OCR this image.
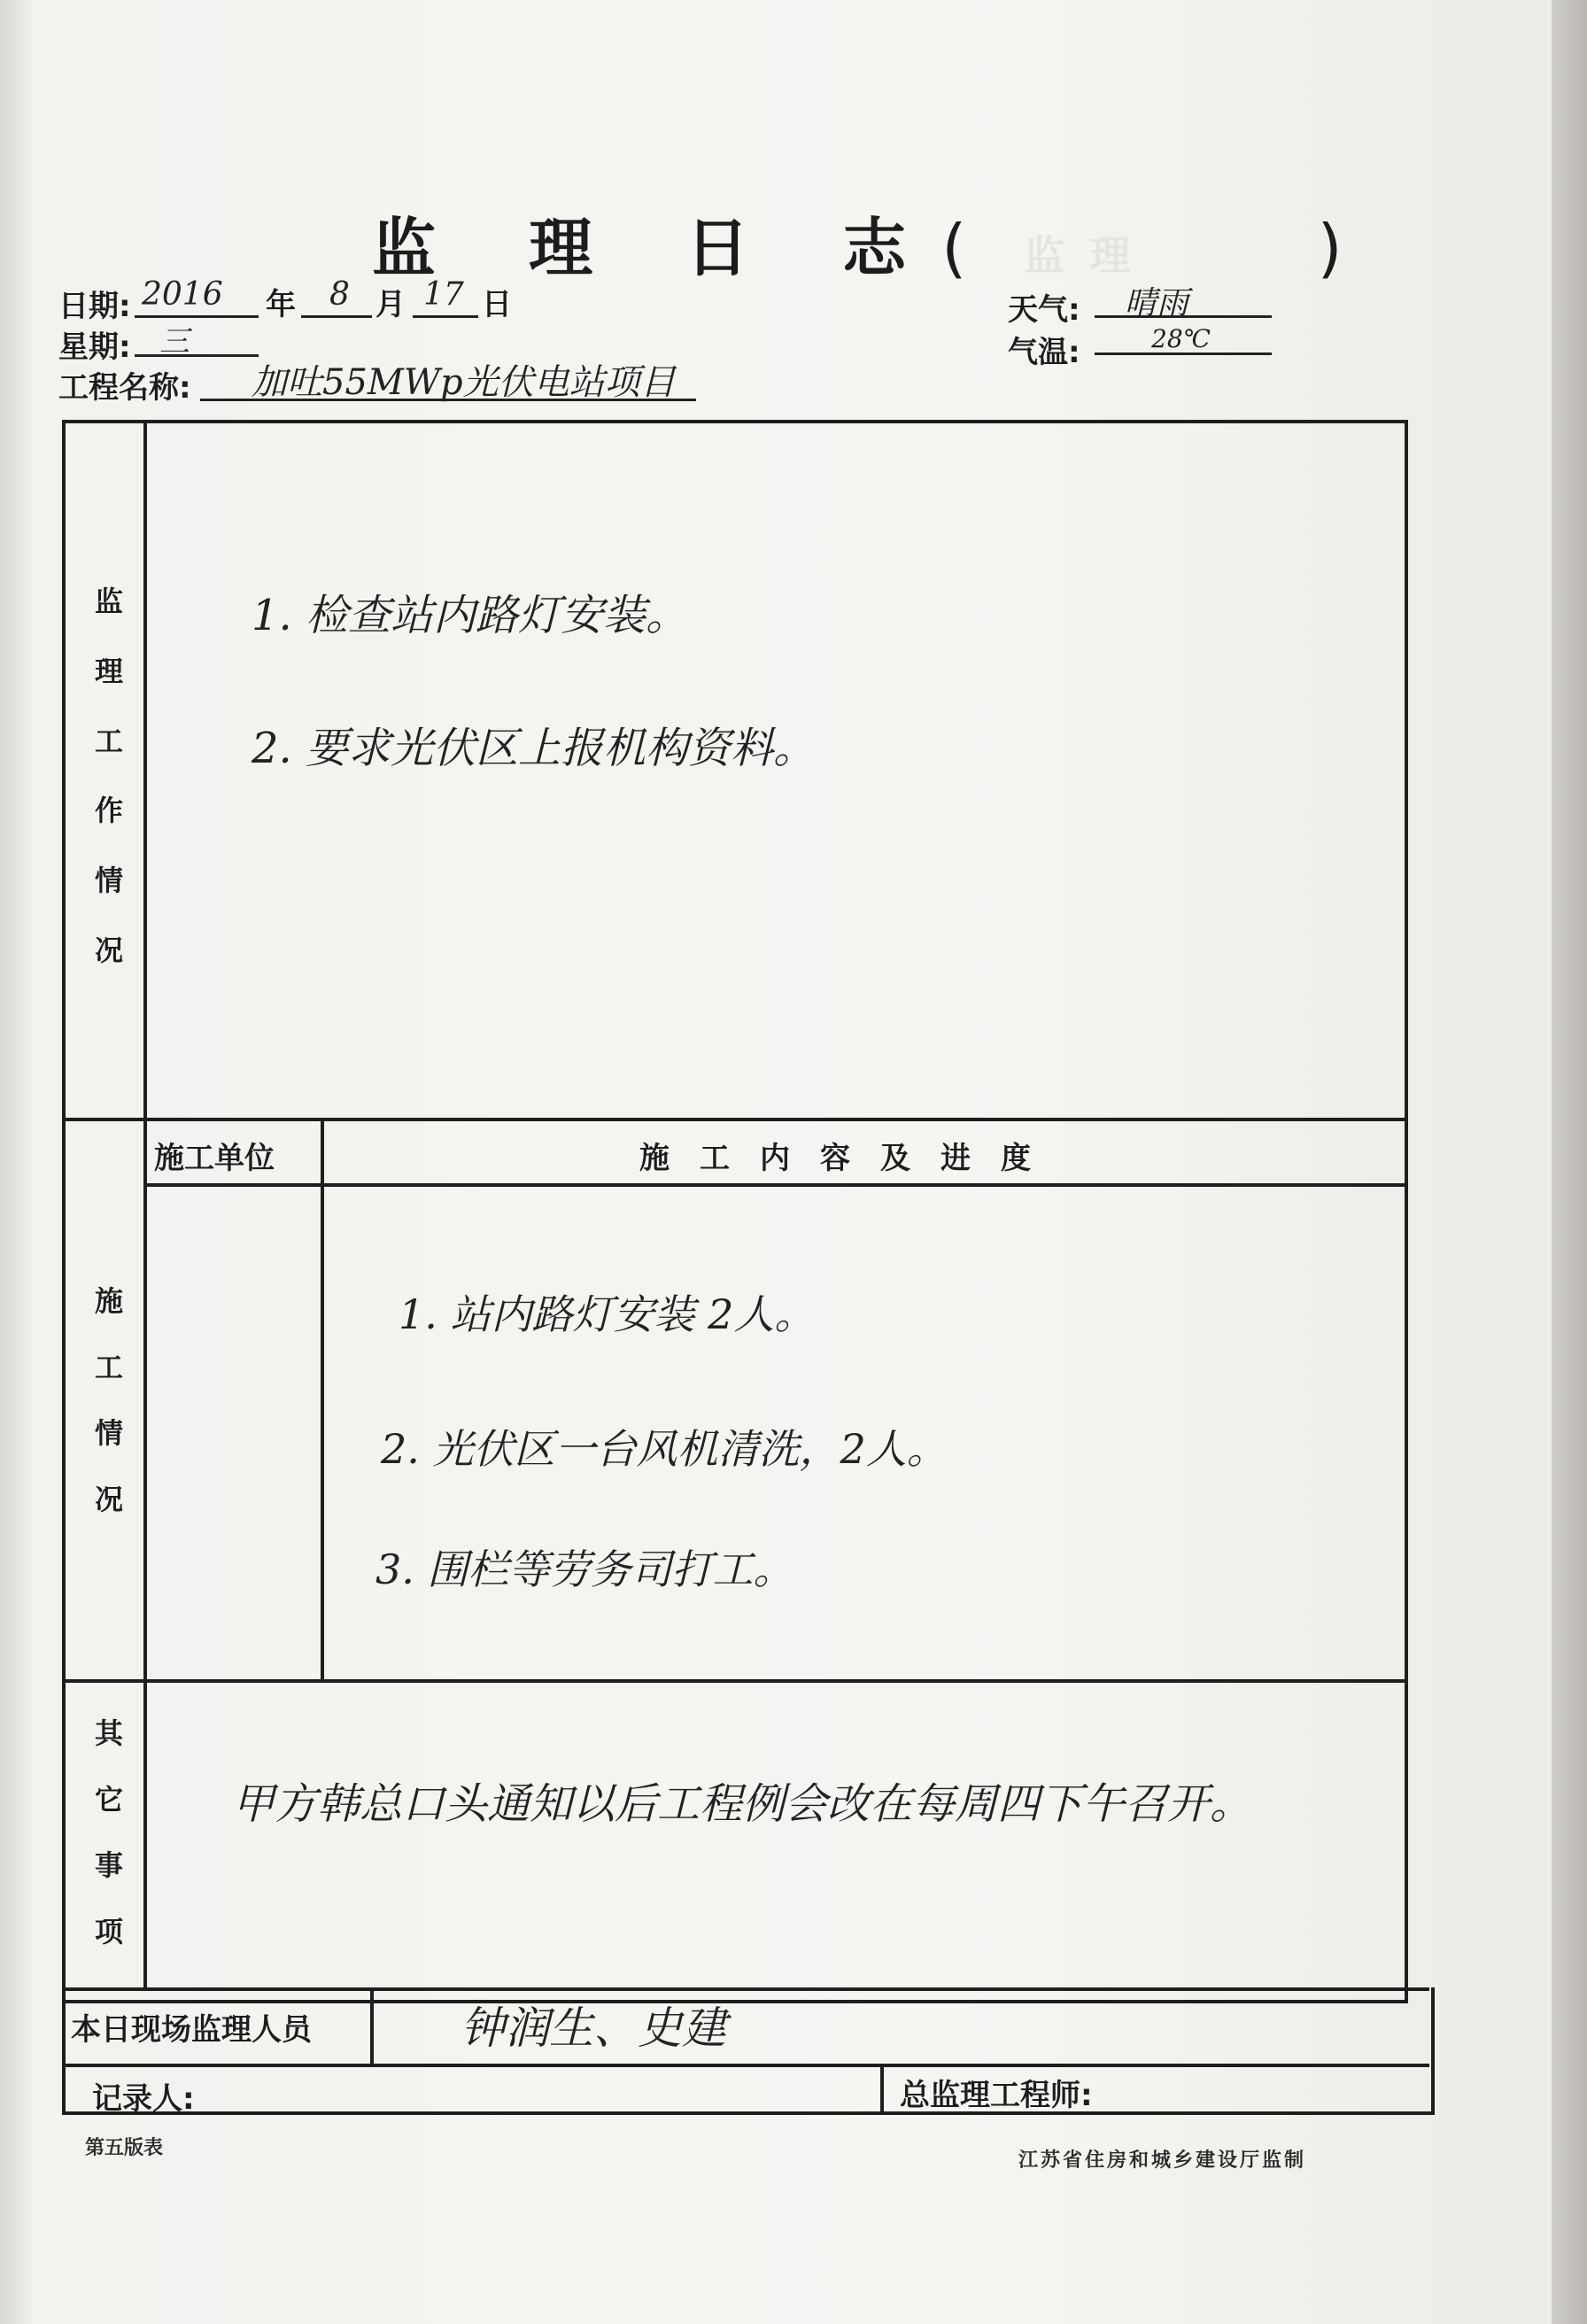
监 理 日 志( 监 理	)
日期: 2016 年 8 月 17 日
星期: 三
工程名称: 加吐55MWp光伏电站项目
天气: 晴雨
气温:	28℃
监
理
工
作
情
况
1. 检查站内路灯安装。
2. 要求光伏区上报机构资料。
施工单位	施工内容及进度
施
工
情
况
1. 站内路灯安装 2人。
2. 光伏区一台风机清洗，2人。
3. 围栏等劳务司打工。
其
它
事
项
甲方韩总口头通知以后工程例会改在每周四下午召开。
本日现场监理人员	钟润生、史建
记录人:	总监理工程师:
第五版表
江苏省住房和城乡建设厅监制
